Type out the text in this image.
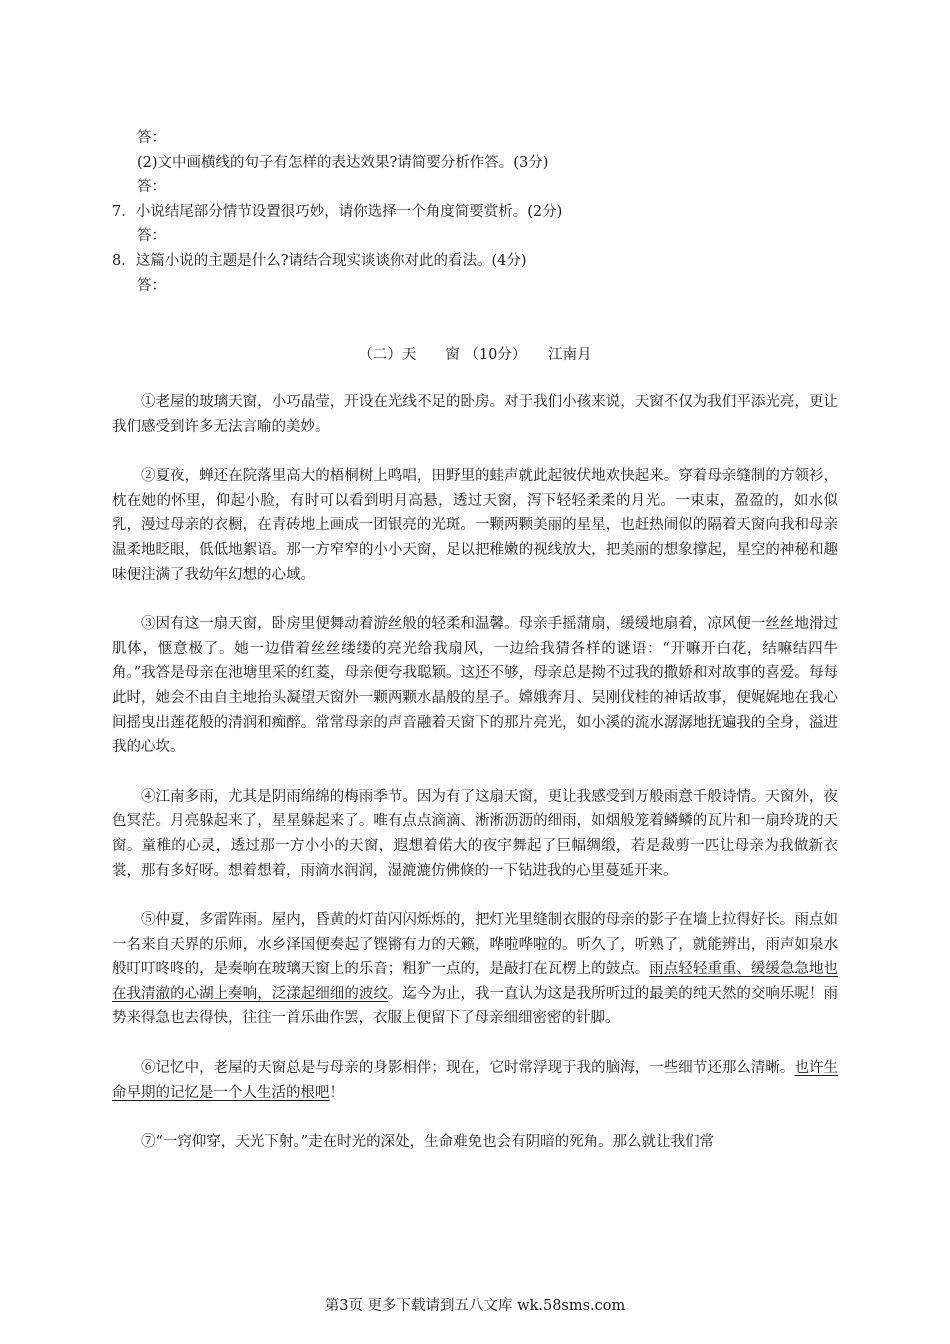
答：
(2)文中画横线的句子有怎样的表达效果?请简要分析作答。(3分)
答：
7．小说结尾部分情节设置很巧妙，请你选择一个角度简要赏析。(2分)
答：
8．这篇小说的主题是什么?请结合现实谈谈你对此的看法。(4分)
答：
（二）天　　窗 （10分）　　江南月

①老屋的玻璃天窗，小巧晶莹，开设在光线不足的卧房。对于我们小孩来说，天窗不仅为我们平添光亮，更让我们感受到许多无法言喻的美妙。

②夏夜，蝉还在院落里高大的梧桐树上鸣唱，田野里的蛙声就此起彼伏地欢快起来。穿着母亲缝制的方领衫，枕在她的怀里，仰起小脸，有时可以看到明月高悬，透过天窗，泻下轻轻柔柔的月光。一束束，盈盈的，如水似乳，漫过母亲的衣橱，在青砖地上画成一团银亮的光斑。一颗两颗美丽的星星，也赶热闹似的隔着天窗向我和母亲温柔地眨眼，低低地絮语。那一方窄窄的小小天窗，足以把稚嫩的视线放大，把美丽的想象撑起，星空的神秘和趣味便注满了我幼年幻想的心域。

③因有这一扇天窗，卧房里便舞动着游丝般的轻柔和温馨。母亲手摇蒲扇，缓缓地扇着，凉风便一丝丝地滑过肌体，惬意极了。她一边借着丝丝缕缕的亮光给我扇风，一边给我猜各样的谜语：“开嘛开白花，结嘛结四牛角。”我答是母亲在池塘里采的红菱，母亲便夸我聪颖。这还不够，母亲总是拗不过我的撒娇和对故事的喜爱。每每此时，她会不由自主地抬头凝望天窗外一颗两颗水晶般的星子。嫦娥奔月、吴刚伐桂的神话故事，便娓娓地在我心间摇曳出莲花般的清润和痴醉。常常母亲的声音融着天窗下的那片亮光，如小溪的流水潺潺地抚遍我的全身，溢进我的心坎。

④江南多雨，尤其是阴雨绵绵的梅雨季节。因为有了这扇天窗，更让我感受到万般雨意千般诗情。天窗外，夜色冥茫。月亮躲起来了，星星躲起来了。唯有点点滴滴、淅淅沥沥的细雨，如烟般笼着鳞鳞的瓦片和一扇玲珑的天窗。童稚的心灵，透过那一方小小的天窗，遐想着偌大的夜宇舞起了巨幅绸缎，若是裁剪一匹让母亲为我做新衣裳，那有多好呀。想着想着，雨滴水润润，湿漉漉仿佛倏的一下钻进我的心里蔓延开来。

⑤仲夏，多雷阵雨。屋内，昏黄的灯苗闪闪烁烁的，把灯光里缝制衣服的母亲的影子在墙上拉得好长。雨点如一名来自天界的乐师，水乡泽国便奏起了铿锵有力的天籁，哗啦哗啦的。听久了，听熟了，就能辨出，雨声如泉水般叮叮咚咚的，是奏响在玻璃天窗上的乐音；粗犷一点的，是敲打在瓦楞上的鼓点。雨点轻轻重重、缓缓急急地也在我清澈的心湖上奏响，泛漾起细细的波纹。迄今为止，我一直认为这是我所听过的最美的纯天然的交响乐呢！雨势来得急也去得快，往往一首乐曲作罢，衣服上便留下了母亲细细密密的针脚。

⑥记忆中，老屋的天窗总是与母亲的身影相伴；现在，它时常浮现于我的脑海，一些细节还那么清晰。也许生命早期的记忆是一个人生活的根吧！

⑦“一窍仰穿，天光下射。”走在时光的深处，生命难免也会有阴暗的死角。那么就让我们常

第3页 更多下载请到五八文库 wk.58sms.com
